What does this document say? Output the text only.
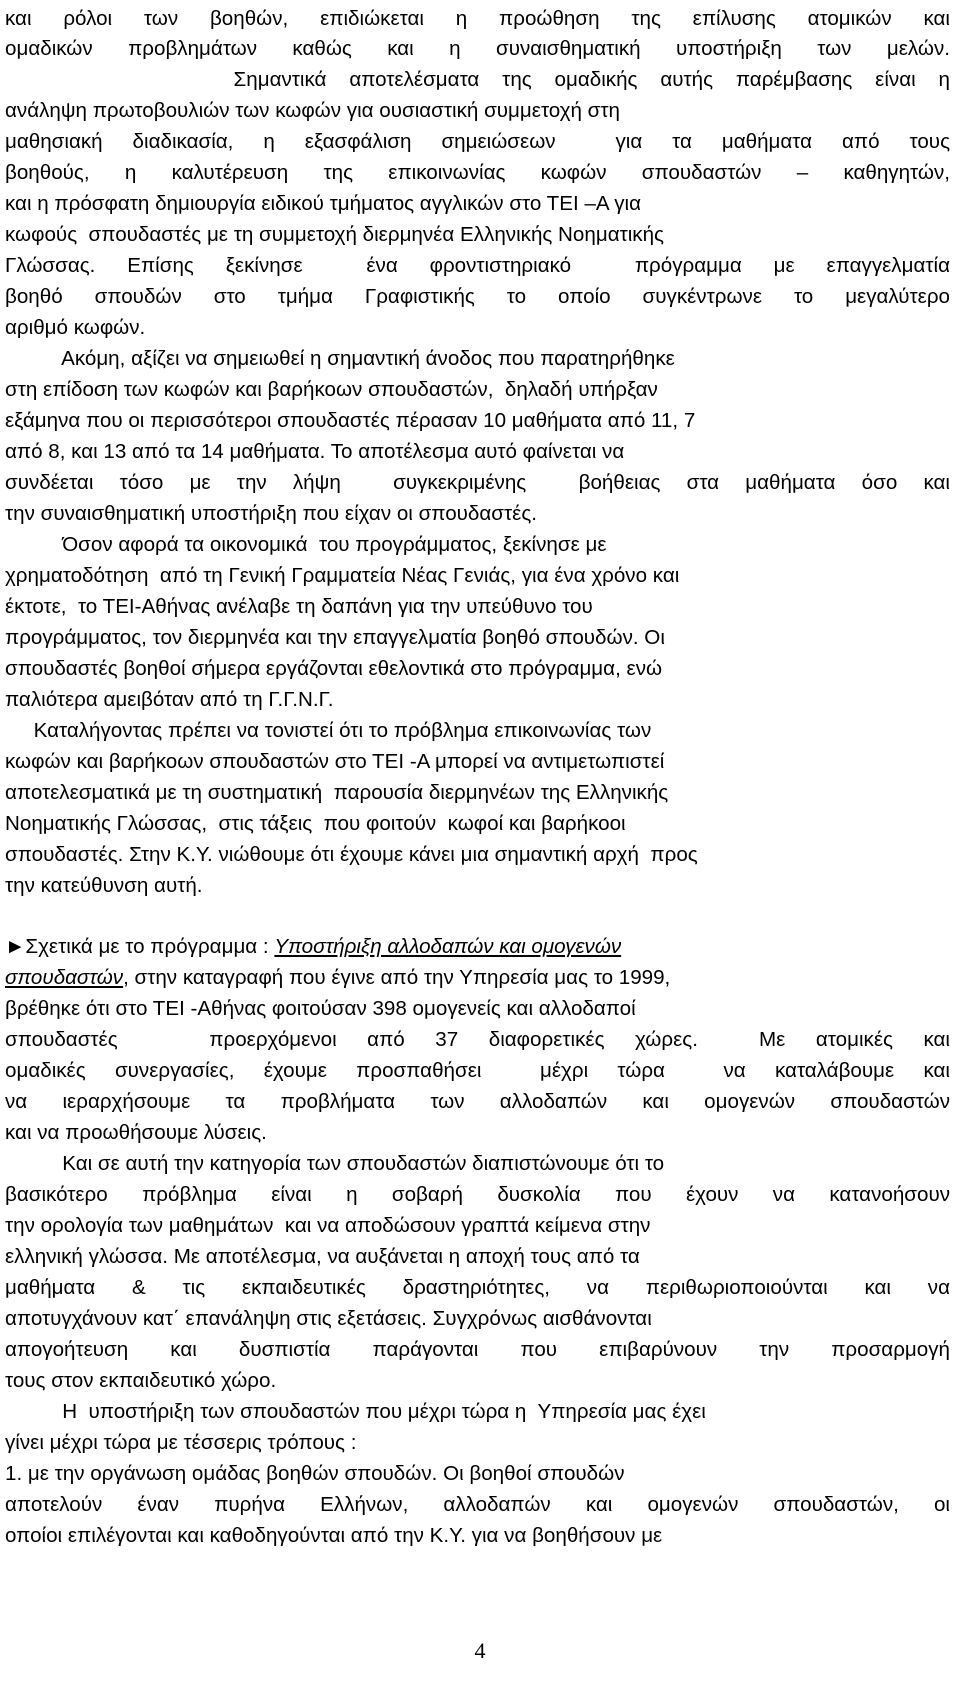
και ρόλοι των βοηθών, επιδιώκεται η προώθηση της επίλυσης ατομικών και
ομαδικών προβλημάτων καθώς και η συναισθηματική υποστήριξη των μελών.
Σημαντικά αποτελέσματα της ομαδικής αυτής παρέμβασης είναι η
ανάληψη πρωτοβουλιών των κωφών για ουσιαστική συμμετοχή στη
μαθησιακή διαδικασία, η εξασφάλιση σημειώσεων  για τα μαθήματα από τους
βοηθούς, η καλυτέρευση της επικοινωνίας κωφών σπουδαστών – καθηγητών,
και η πρόσφατη δημιουργία ειδικού τμήματος αγγλικών στο ΤΕΙ –Α για
κωφούς  σπουδαστές με τη συμμετοχή διερμηνέα Ελληνικής Νοηματικής
Γλώσσας. Επίσης ξεκίνησε  ένα φροντιστηριακό  πρόγραμμα με επαγγελματία
βοηθό σπουδών στο τμήμα Γραφιστικής το οποίο συγκέντρωνε το μεγαλύτερο
αριθμό κωφών.
Ακόμη, αξίζει να σημειωθεί η σημαντική άνοδος που παρατηρήθηκε
στη επίδοση των κωφών και βαρήκοων σπουδαστών,  δηλαδή υπήρξαν
εξάμηνα που οι περισσότεροι σπουδαστές πέρασαν 10 μαθήματα από 11, 7
από 8, και 13 από τα 14 μαθήματα. Το αποτέλεσμα αυτό φαίνεται να
συνδέεται τόσο με την λήψη  συγκεκριμένης  βοήθειας στα μαθήματα όσο και
την συναισθηματική υποστήριξη που είχαν οι σπουδαστές.
Όσον αφορά τα οικονομικά  του προγράμματος, ξεκίνησε με
χρηματοδότηση  από τη Γενική Γραμματεία Νέας Γενιάς, για ένα χρόνο και
έκτοτε,  το ΤΕΙ-Αθήνας ανέλαβε τη δαπάνη για την υπεύθυνο του
προγράμματος, τον διερμηνέα και την επαγγελματία βοηθό σπουδών. Οι
σπουδαστές βοηθοί σήμερα εργάζονται εθελοντικά στο πρόγραμμα, ενώ
παλιότερα αμειβόταν από τη Γ.Γ.Ν.Γ.
Καταλήγοντας πρέπει να τονιστεί ότι το πρόβλημα επικοινωνίας των
κωφών και βαρήκοων σπουδαστών στο ΤΕΙ -Α μπορεί να αντιμετωπιστεί
αποτελεσματικά με τη συστηματική  παρουσία διερμηνέων της Ελληνικής
Νοηματικής Γλώσσας,  στις τάξεις  που φοιτούν  κωφοί και βαρήκοοι
σπουδαστές. Στην Κ.Υ. νιώθουμε ότι έχουμε κάνει μια σημαντική αρχή  προς
την κατεύθυνση αυτή.
►Σχετικά με το πρόγραμμα : Υποστήριξη αλλοδαπών και ομογενών
σπουδαστών, στην καταγραφή που έγινε από την Υπηρεσία μας το 1999,
βρέθηκε ότι στο ΤΕΙ -Αθήνας φοιτούσαν 398 ομογενείς και αλλοδαποί
σπουδαστές   προερχόμενοι από 37 διαφορετικές χώρες.  Με ατομικές και
ομαδικές συνεργασίες, έχουμε προσπαθήσει  μέχρι τώρα  να καταλάβουμε και
να ιεραρχήσουμε τα προβλήματα των αλλοδαπών και ομογενών σπουδαστών
και να προωθήσουμε λύσεις.
Και σε αυτή την κατηγορία των σπουδαστών διαπιστώνουμε ότι το
βασικότερο πρόβλημα είναι η σοβαρή δυσκολία που έχουν να κατανοήσουν
την ορολογία των μαθημάτων  και να αποδώσουν γραπτά κείμενα στην
ελληνική γλώσσα. Με αποτέλεσμα, να αυξάνεται η αποχή τους από τα
μαθήματα & τις εκπαιδευτικές δραστηριότητες, να περιθωριοποιούνται και να
αποτυγχάνουν κατ΄ επανάληψη στις εξετάσεις. Συγχρόνως αισθάνονται
απογοήτευση και δυσπιστία παράγονται που επιβαρύνουν την προσαρμογή
τους στον εκπαιδευτικό χώρο.
Η  υποστήριξη των σπουδαστών που μέχρι τώρα η  Υπηρεσία μας έχει
γίνει μέχρι τώρα με τέσσερις τρόπους :
1. με την οργάνωση ομάδας βοηθών σπουδών. Οι βοηθοί σπουδών
αποτελούν έναν πυρήνα Ελλήνων, αλλοδαπών και ομογενών σπουδαστών, οι
οποίοι επιλέγονται και καθοδηγούνται από την Κ.Υ. για να βοηθήσουν με
4
